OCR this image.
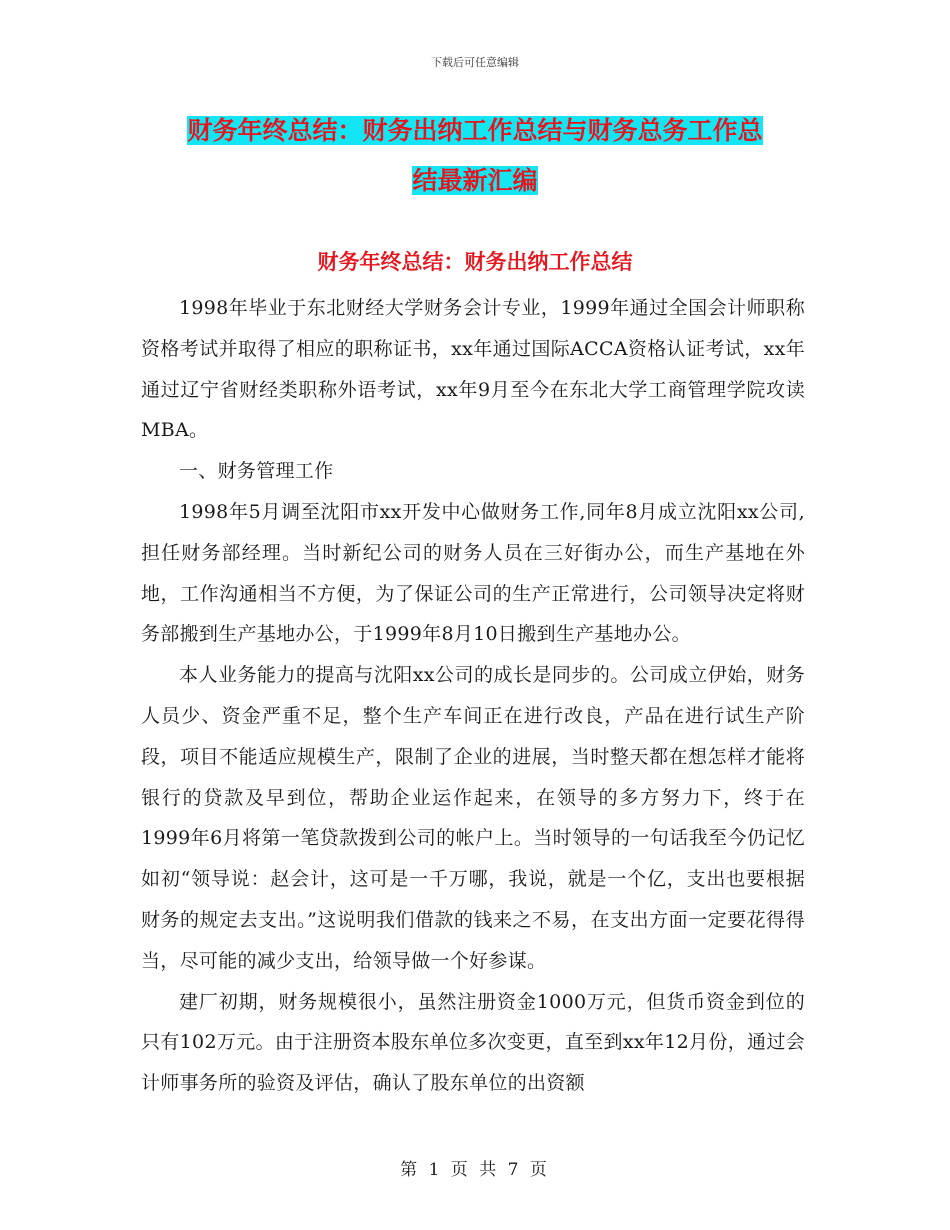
下载后可任意编辑
财务年终总结：财务出纳工作总结与财务总务工作总
结最新汇编
财务年终总结：财务出纳工作总结

1998年毕业于东北财经大学财务会计专业，1999年通过全国会计师职称资格考试并取得了相应的职称证书，xx年通过国际ACCA资格认证考试，xx年通过辽宁省财经类职称外语考试，xx年9月至今在东北大学工商管理学院攻读MBA。

一、财务管理工作

1998年5月调至沈阳市xx开发中心做财务工作,同年8月成立沈阳xx公司,担任财务部经理。当时新纪公司的财务人员在三好街办公，而生产基地在外地，工作沟通相当不方便，为了保证公司的生产正常进行，公司领导决定将财务部搬到生产基地办公，于1999年8月10日搬到生产基地办公。

本人业务能力的提高与沈阳xx公司的成长是同步的。公司成立伊始，财务人员少、资金严重不足，整个生产车间正在进行改良，产品在进行试生产阶段，项目不能适应规模生产，限制了企业的进展，当时整天都在想怎样才能将银行的贷款及早到位，帮助企业运作起来，在领导的多方努力下，终于在1999年6月将第一笔贷款拨到公司的帐户上。当时领导的一句话我至今仍记忆如初“领导说：赵会计，这可是一千万哪，我说，就是一个亿，支出也要根据财务的规定去支出。”这说明我们借款的钱来之不易，在支出方面一定要花得得当，尽可能的减少支出，给领导做一个好参谋。

建厂初期，财务规模很小，虽然注册资金1000万元，但货币资金到位的只有102万元。由于注册资本股东单位多次变更，直至到xx年12月份，通过会计师事务所的验资及评估，确认了股东单位的出资额

第 1 页 共 7 页
